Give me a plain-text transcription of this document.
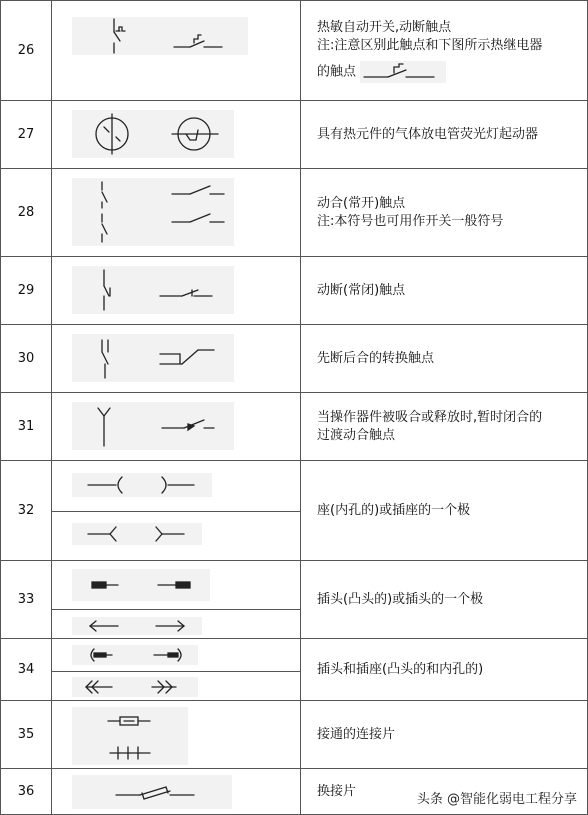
26		热敏自动开关,动断触点
注:注意区别此触点和下图所示热继电器
的触点

27		具有热元件的气体放电管荧光灯起动器

28		动合(常开)触点
注:本符号也可用作开关一般符号

29		动断(常闭)触点

30		先断后合的转换触点

31		当操作器件被吸合或释放时,暂时闭合的
过渡动合触点

32		座(内孔的)或插座的一个极

33		插头(凸头的)或插头的一个极

34		插头和插座(凸头的和内孔的)

35		接通的连接片

36		换接片
头条 @智能化弱电工程分享
